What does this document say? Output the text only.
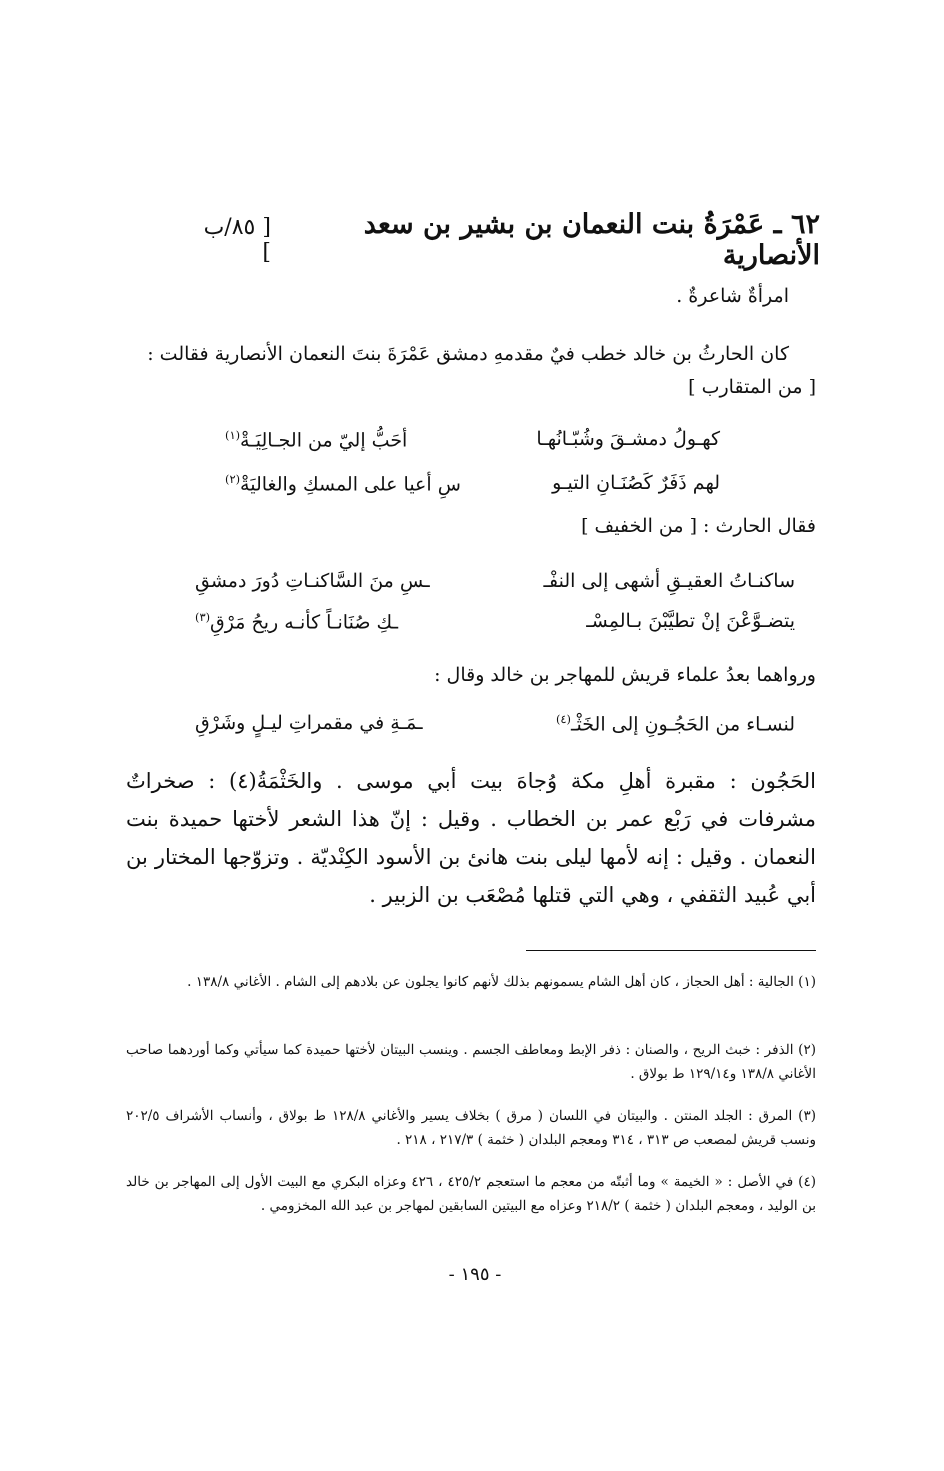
٦٢ ـ عَمْرَةُ بنت النعمان بن بشير بن سعد الأنصارية
[ ٨٥/ب ]
امرأةٌ شاعرةٌ .
كان الحارثُ بن خالد خطب فيٌ مقدمهِ دمشق عَمْرَةَ بنتَ النعمان الأنصارية فقالت :
[ من المتقارب ]
كهـولُ دمشـقَ وشُبّـانُهـا
أحَبُّ إليّ من الجـالِيَـةْ$^{(١)}$
لهم ذَفَرٌ كَصُنَـانِ التيـو
سِ أعيا على المسكِ والغاليَةْ$^{(٢)}$
فقال الحارث : [ من الخفيف ]
ساكنـاتُ العقيـقِ أشهى إلى النفْـ
ـسِ منَ السَّاكنـاتِ دُورَ دمشقِ
يتضـوَّعْنَ إنْ تطيَّبْنَ بـالمِسْـ
ـكِ صُنَانـاً كأنـه ريحُ مَرْقِ$^{(٣)}$
ورواهما بعدُ علماء قريش للمهاجر بن خالد وقال :
لنسـاء من الحَجُـونِ إلى الخَثْـ$^{(٤)}$
ـمَـةِ في مقمراتِ ليـلٍ وشَرْقِ
الحَجُون : مقبرة أهلِ مكة وُجاهَ بيت أبي موسى . والخَثْمَةُ(٤) : صخراتٌ مشرفات في رَبْع عمر بن الخطاب . وقيل : إنّ هذا الشعر لأختها حميدة بنت النعمان . وقيل : إنه لأمها ليلى بنت هانئ بن الأسود الكِنْديّة . وتزوّجها المختار بن أبي عُبيد الثقفي ، وهي التي قتلها مُصْعَب بن الزبير .
(١) الجالية : أهل الحجاز ، كان أهل الشام يسمونهم بذلك لأنهم كانوا يجلون عن بلادهم إلى الشام . الأغاني ١٣٨/٨ .
(٢) الذفر : خبث الريح ، والصنان : ذفر الإبط ومعاطف الجسم . وينسب البيتان لأختها حميدة كما سيأتي وكما أوردهما صاحب الأغاني ١٣٨/٨ و١٢٩/١٤ ط بولاق .
(٣) المرق : الجلد المنتن . والبيتان في اللسان ( مرق ) بخلاف يسير والأغاني ١٢٨/٨ ط بولاق ، وأنساب الأشراف ٢٠٢/٥ ونسب قريش لمصعب ص ٣١٣ ، ٣١٤ ومعجم البلدان ( خثمة ) ٢١٧/٣ ، ٢١٨ .
(٤) في الأصل : « الخيمة » وما أثبتّه من معجم ما استعجم ٤٢٥/٢ ، ٤٢٦ وعزاه البكري مع البيت الأول إلى المهاجر بن خالد بن الوليد ، ومعجم البلدان ( خثمة ) ٢١٨/٢ وعزاه مع البيتين السابقين لمهاجر بن عبد الله المخزومي .
- ١٩٥ -
